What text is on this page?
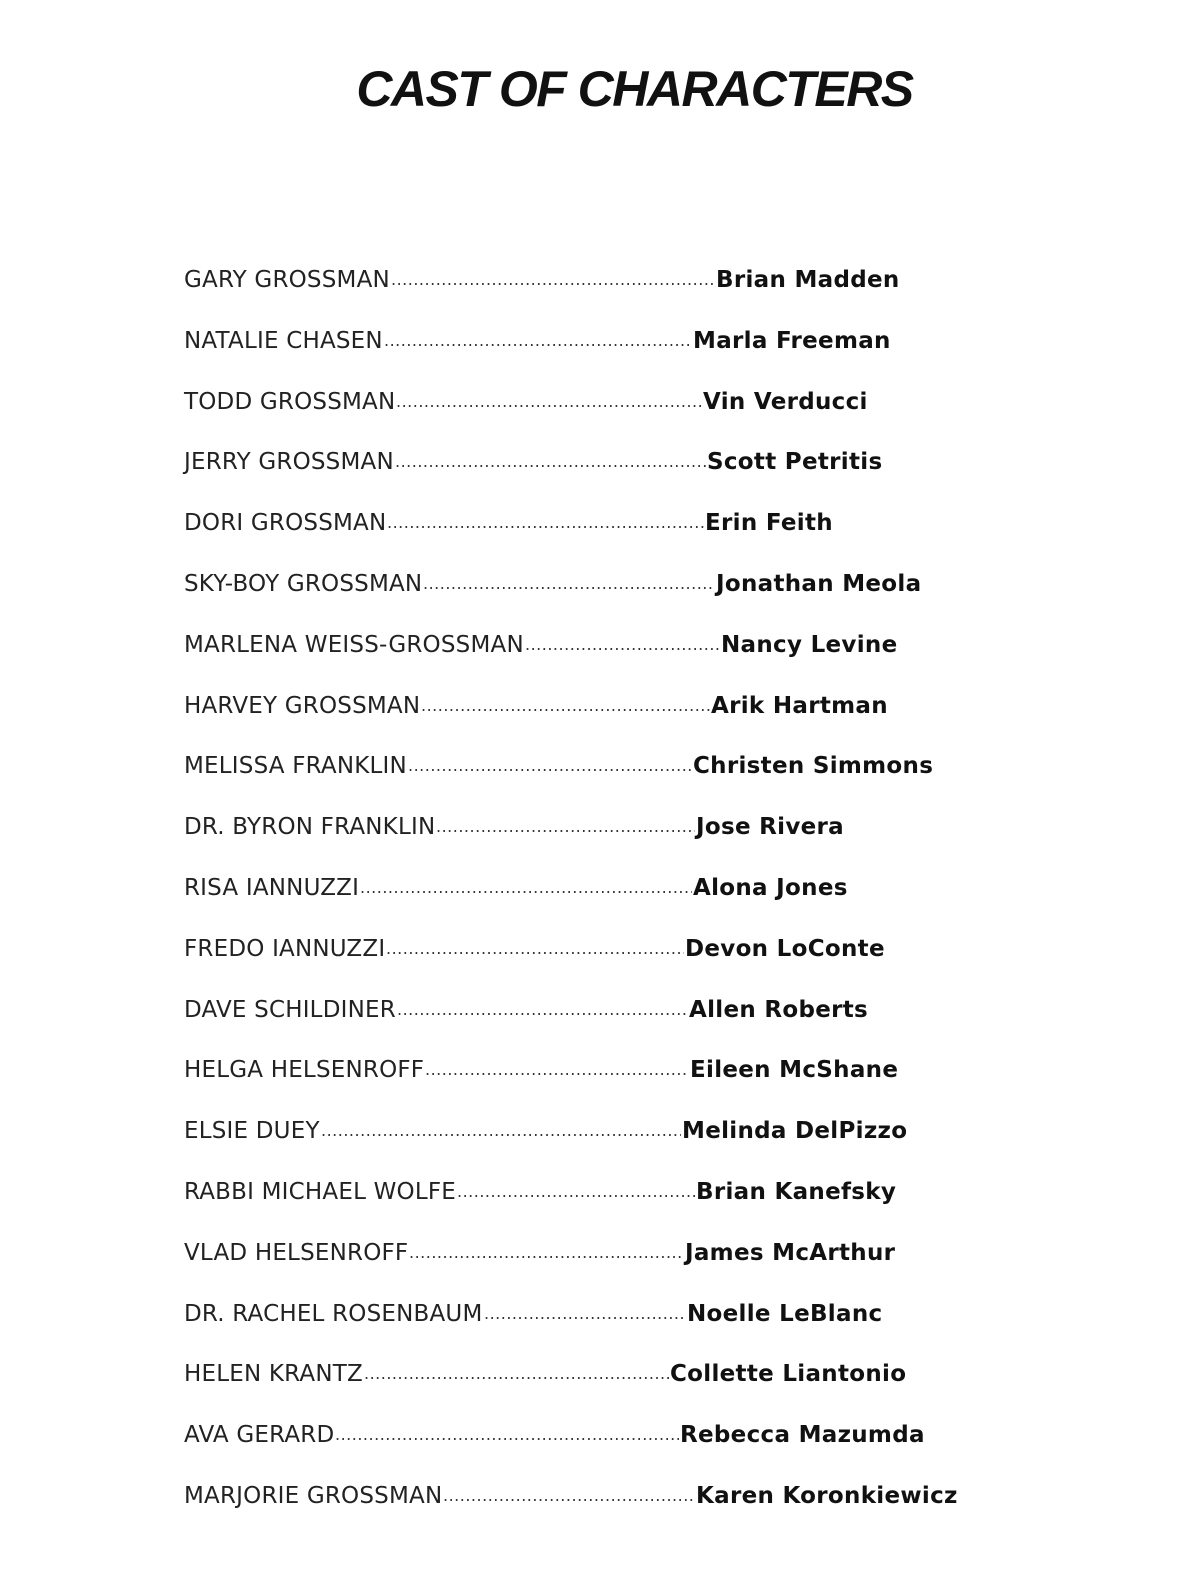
CAST OF CHARACTERS
GARY GROSSMAN .....	Brian Madden
NATALIE CHASEN .....	Marla Freeman
TODD GROSSMAN .....	Vin Verducci
JERRY GROSSMAN .....	Scott Petritis
DORI GROSSMAN .....	Erin Feith
SKY-BOY GROSSMAN .....	Jonathan Meola
MARLENA WEISS-GROSSMAN .....	Nancy Levine
HARVEY GROSSMAN .....	Arik Hartman
MELISSA FRANKLIN .....	Christen Simmons
DR. BYRON FRANKLIN .....	Jose Rivera
RISA IANNUZZI .....	Alona Jones
FREDO IANNUZZI .....	Devon LoConte
DAVE SCHILDINER .....	Allen Roberts
HELGA HELSENROFF .....	Eileen McShane
ELSIE DUEY .....	Melinda DelPizzo
RABBI MICHAEL WOLFE .....	Brian Kanefsky
VLAD HELSENROFF .....	James McArthur
DR. RACHEL ROSENBAUM .....	Noelle LeBlanc
HELEN KRANTZ .....	Collette Liantonio
AVA GERARD .....	Rebecca Mazumda
MARJORIE GROSSMAN .....	Karen Koronkiewicz
